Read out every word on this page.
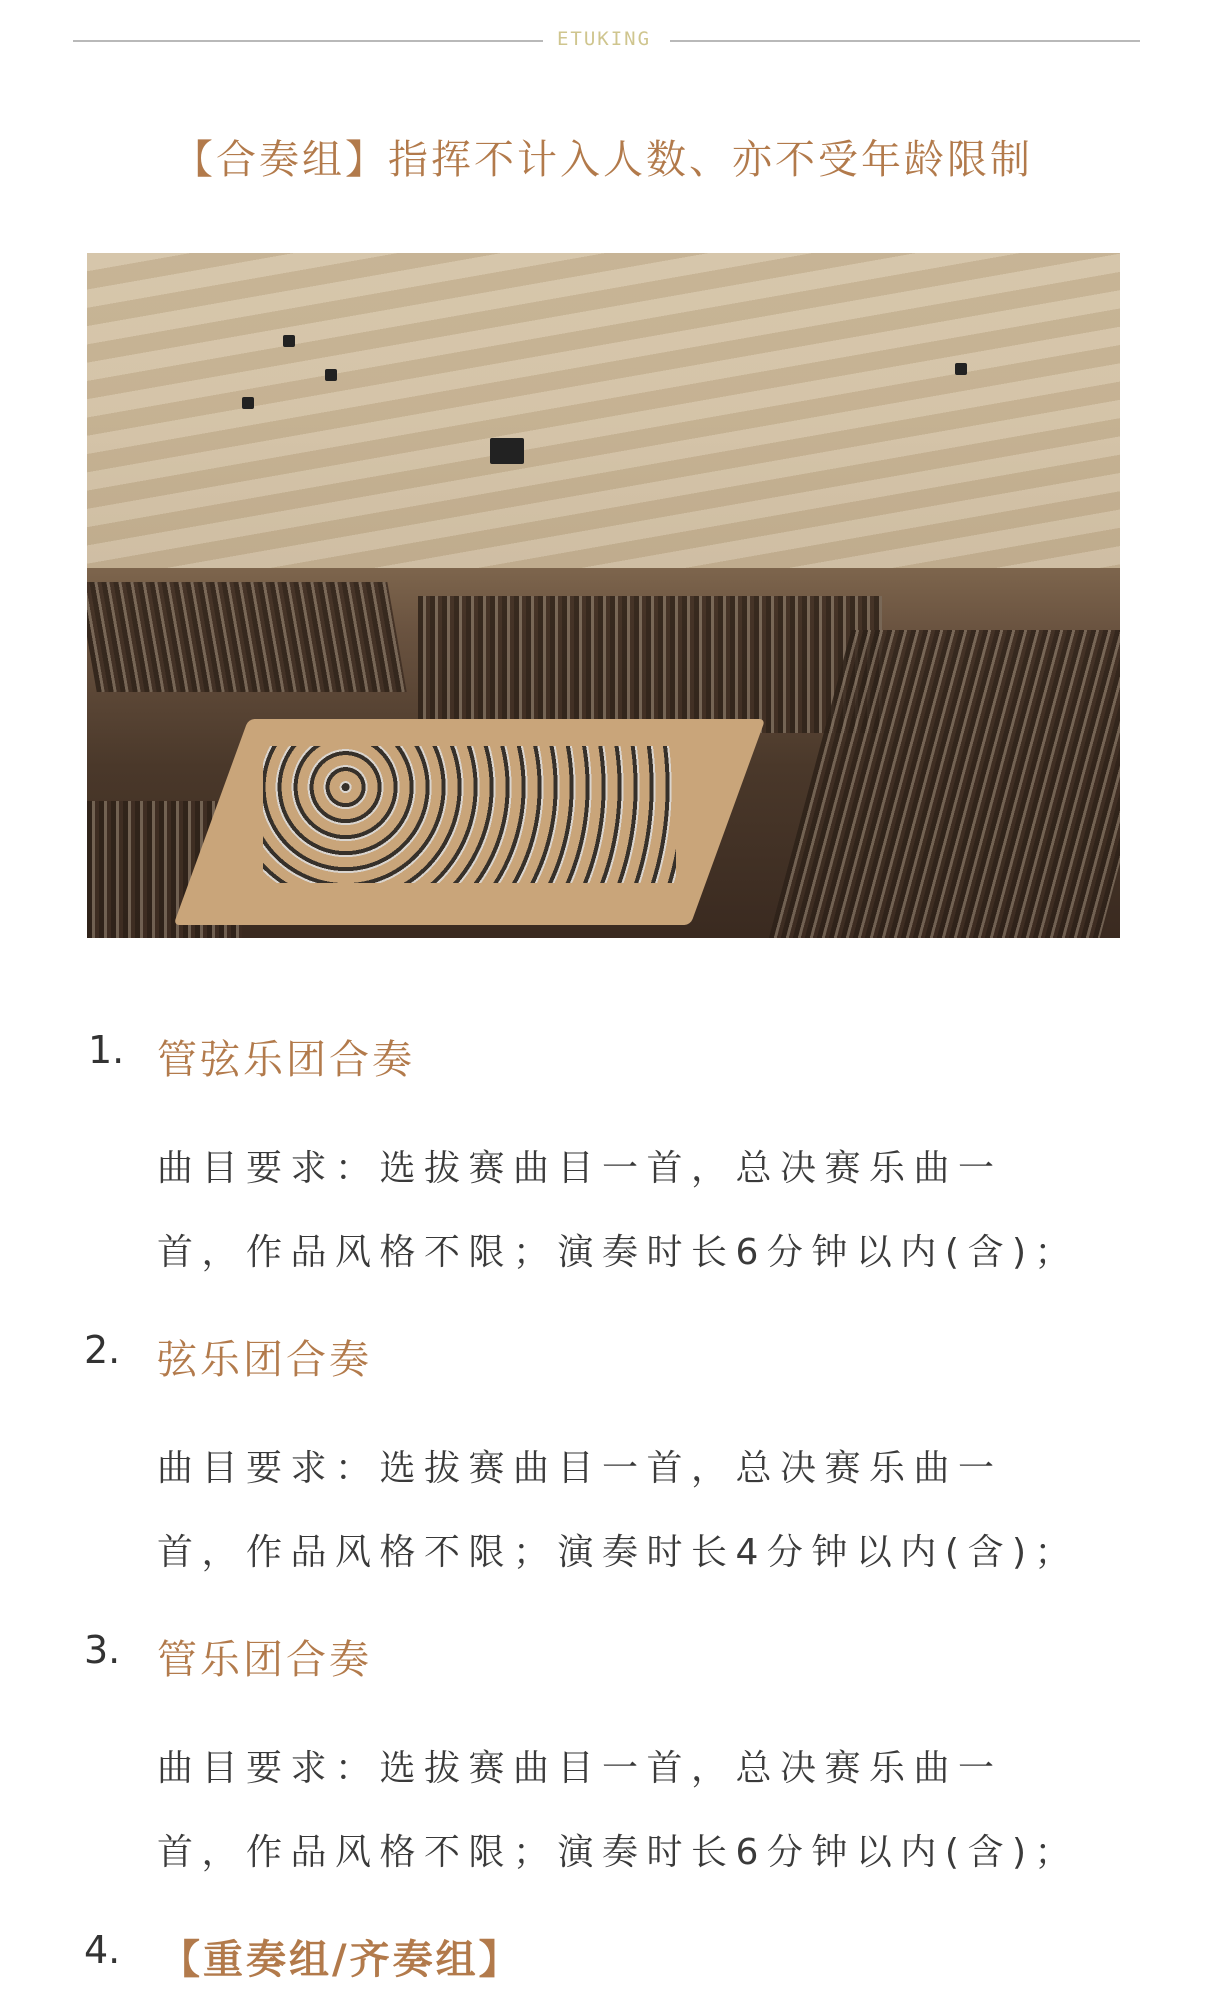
ETUKING
【合奏组】指挥不计入人数、亦不受年龄限制
1. 管弦乐团合奏
曲目要求：选拔赛曲目一首，总决赛乐曲一
首，作品风格不限；演奏时长6分钟以内(含)；
2. 弦乐团合奏
曲目要求：选拔赛曲目一首，总决赛乐曲一
首，作品风格不限；演奏时长4分钟以内(含)；
3. 管乐团合奏
曲目要求：选拔赛曲目一首，总决赛乐曲一
首，作品风格不限；演奏时长6分钟以内(含)；
4. 【重奏组/齐奏组】
